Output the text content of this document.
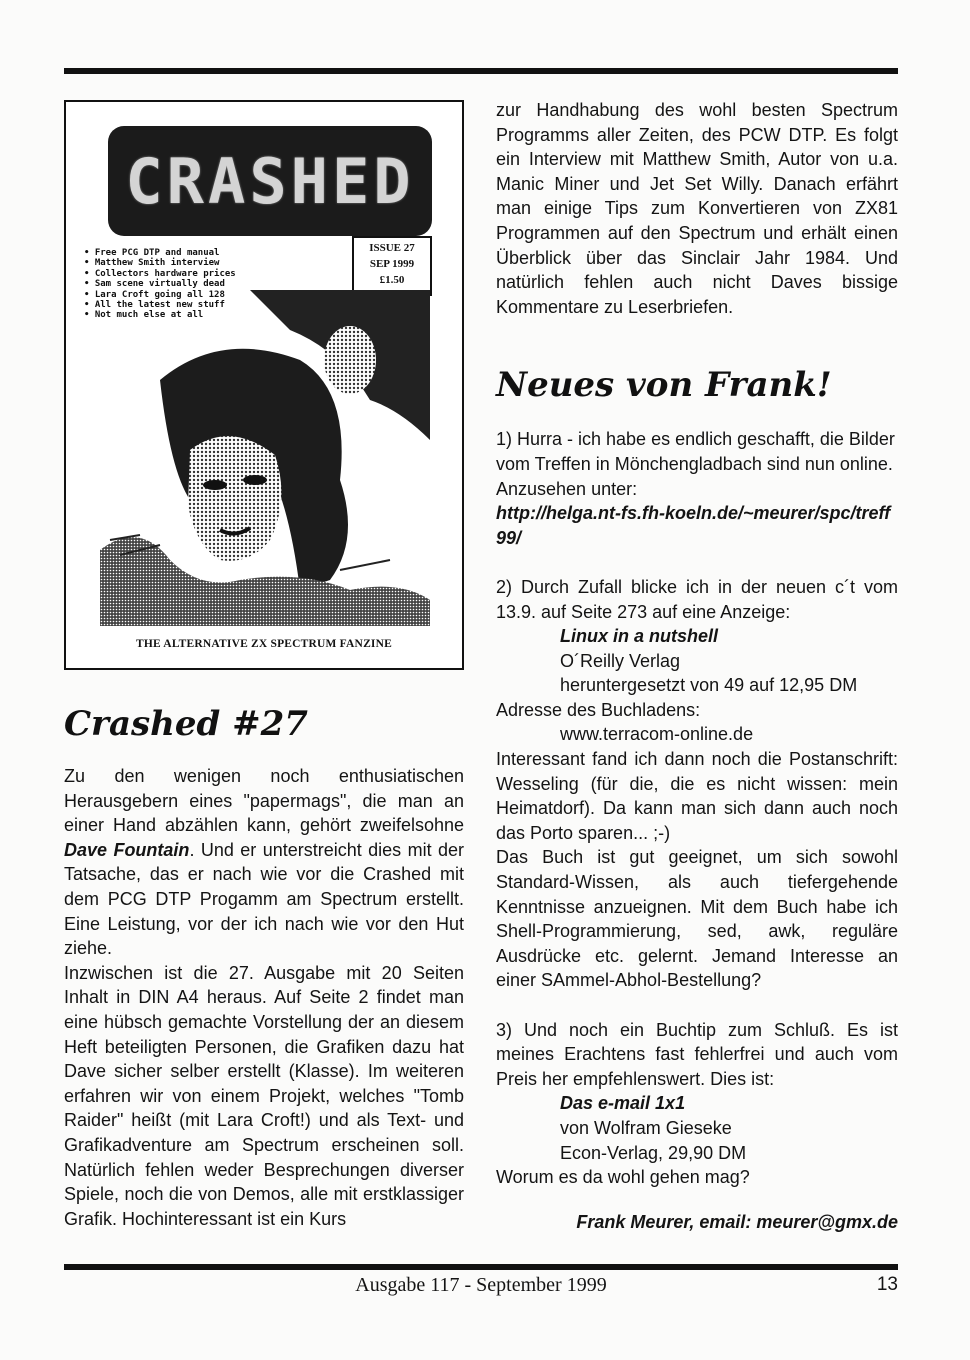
CRASHED
• Free PCG DTP and manual
• Matthew Smith interview
• Collectors hardware prices
• Sam scene virtually dead
• Lara Croft going all 128
• All the latest new stuff
• Not much else at all
ISSUE 27
SEP 1999
£1.50
THE ALTERNATIVE ZX SPECTRUM FANZINE
Crashed #27

Zu den wenigen noch enthusiatischen Herausgebern eines "papermags", die man an einer Hand abzählen kann, gehört zweifelsohne Dave Fountain. Und er unterstreicht dies mit der Tatsache, das er nach wie vor die Crashed mit dem PCG DTP Progamm am Spectrum erstellt. Eine Leistung, vor der ich nach wie vor den Hut ziehe.

Inzwischen ist die 27. Ausgabe mit 20 Seiten Inhalt in DIN A4 heraus. Auf Seite 2 findet man eine hübsch gemachte Vorstellung der an diesem Heft beteiligten Personen, die Grafiken dazu hat Dave sicher selber erstellt (Klasse). Im weiteren erfahren wir von einem Projekt, welches "Tomb Raider" heißt (mit Lara Croft!) und als Text- und Grafikadventure am Spectrum erscheinen soll. Natürlich fehlen weder Besprechungen diverser Spiele, noch die von Demos, alle mit erstklassiger Grafik. Hochinteressant ist ein Kurs

zur Handhabung des wohl besten Spectrum Programms aller Zeiten, des PCW DTP. Es folgt ein Interview mit Matthew Smith, Autor von u.a. Manic Miner und Jet Set Willy. Danach erfährt man einige Tips zum Konvertieren von ZX81 Programmen auf den Spectrum und erhält einen Überblick über das Sinclair Jahr 1984. Und natürlich fehlen auch nicht Daves bissige Kommentare zu Leserbriefen.

Neues von Frank!

1) Hurra - ich habe es endlich geschafft, die Bilder vom Treffen in Mönchengladbach sind nun online. Anzusehen unter:

http://helga.nt-fs.fh-koeln.de/~meurer/spc/treff99/

2) Durch Zufall blicke ich in der neuen c´t vom 13.9. auf Seite 273 auf eine Anzeige:

Linux in a nutshell

O´Reilly Verlag

heruntergesetzt von 49 auf 12,95 DM

Adresse des Buchladens:

www.terracom-online.de

Interessant fand ich dann noch die Postanschrift: Wesseling (für die, die es nicht wissen: mein Heimatdorf). Da kann man sich dann auch noch das Porto sparen... ;-)

Das Buch ist gut geeignet, um sich sowohl Standard-Wissen, als auch tiefergehende Kenntnisse anzueignen. Mit dem Buch habe ich Shell-Programmierung, sed, awk, reguläre Ausdrücke etc. gelernt. Jemand Interesse an einer SAmmel-Abhol-Bestellung?

3) Und noch ein Buchtip zum Schluß. Es ist meines Erachtens fast fehlerfrei und auch vom Preis her empfehlenswert. Dies ist:

Das e-mail 1x1

von Wolfram Gieseke

Econ-Verlag, 29,90 DM

Worum es da wohl gehen mag?

Frank Meurer, email: meurer@gmx.de

Ausgabe 117 - September 1999	13
